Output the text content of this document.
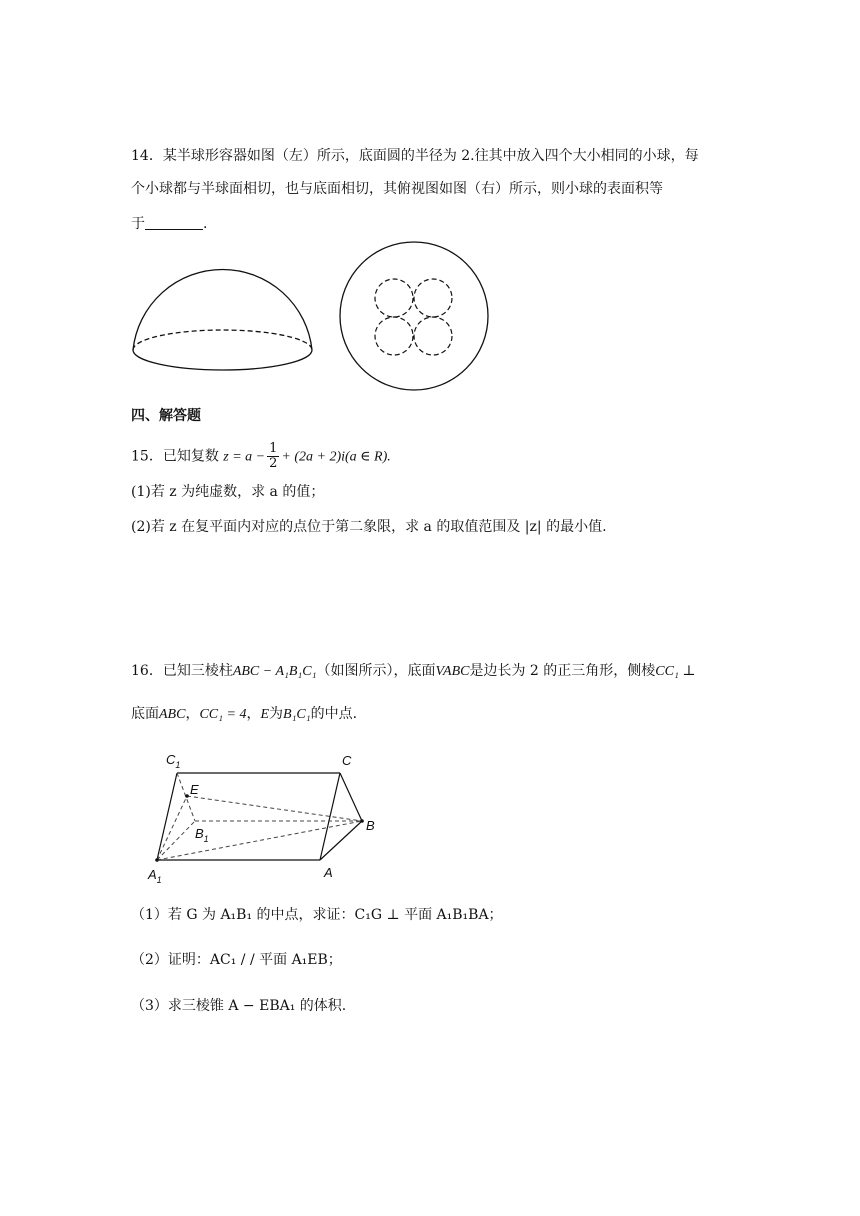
14．某半球形容器如图（左）所示，底面圆的半径为 2.往其中放入四个大小相同的小球，每
个小球都与半球面相切，也与底面相切，其俯视图如图（右）所示，则小球的表面积等
于	.
四、解答题
15．已知复数 $z = a - \frac{1}{2} + (2a + 2)i(a$ ∈ R).
(1)若 z 为纯虚数，求 a 的值；
(2)若 z 在复平面内对应的点位于第二象限，求 a 的取值范围及 |z| 的最小值.
16．已知三棱柱ABC − A₁B₁C₁（如图所示），底面VABC是边长为 2 的正三角形，侧棱CC₁ ⊥
底面ABC，CC₁ = 4，E为B₁C₁的中点.
$C_1$	C
E
$B_1$
B
$A_1$	A
（1）若 G 为 A₁B₁ 的中点，求证：C₁G ⊥ 平面 A₁B₁BA；
（2）证明：AC₁ / / 平面 A₁EB；
（3）求三棱锥 A − EBA₁ 的体积.
